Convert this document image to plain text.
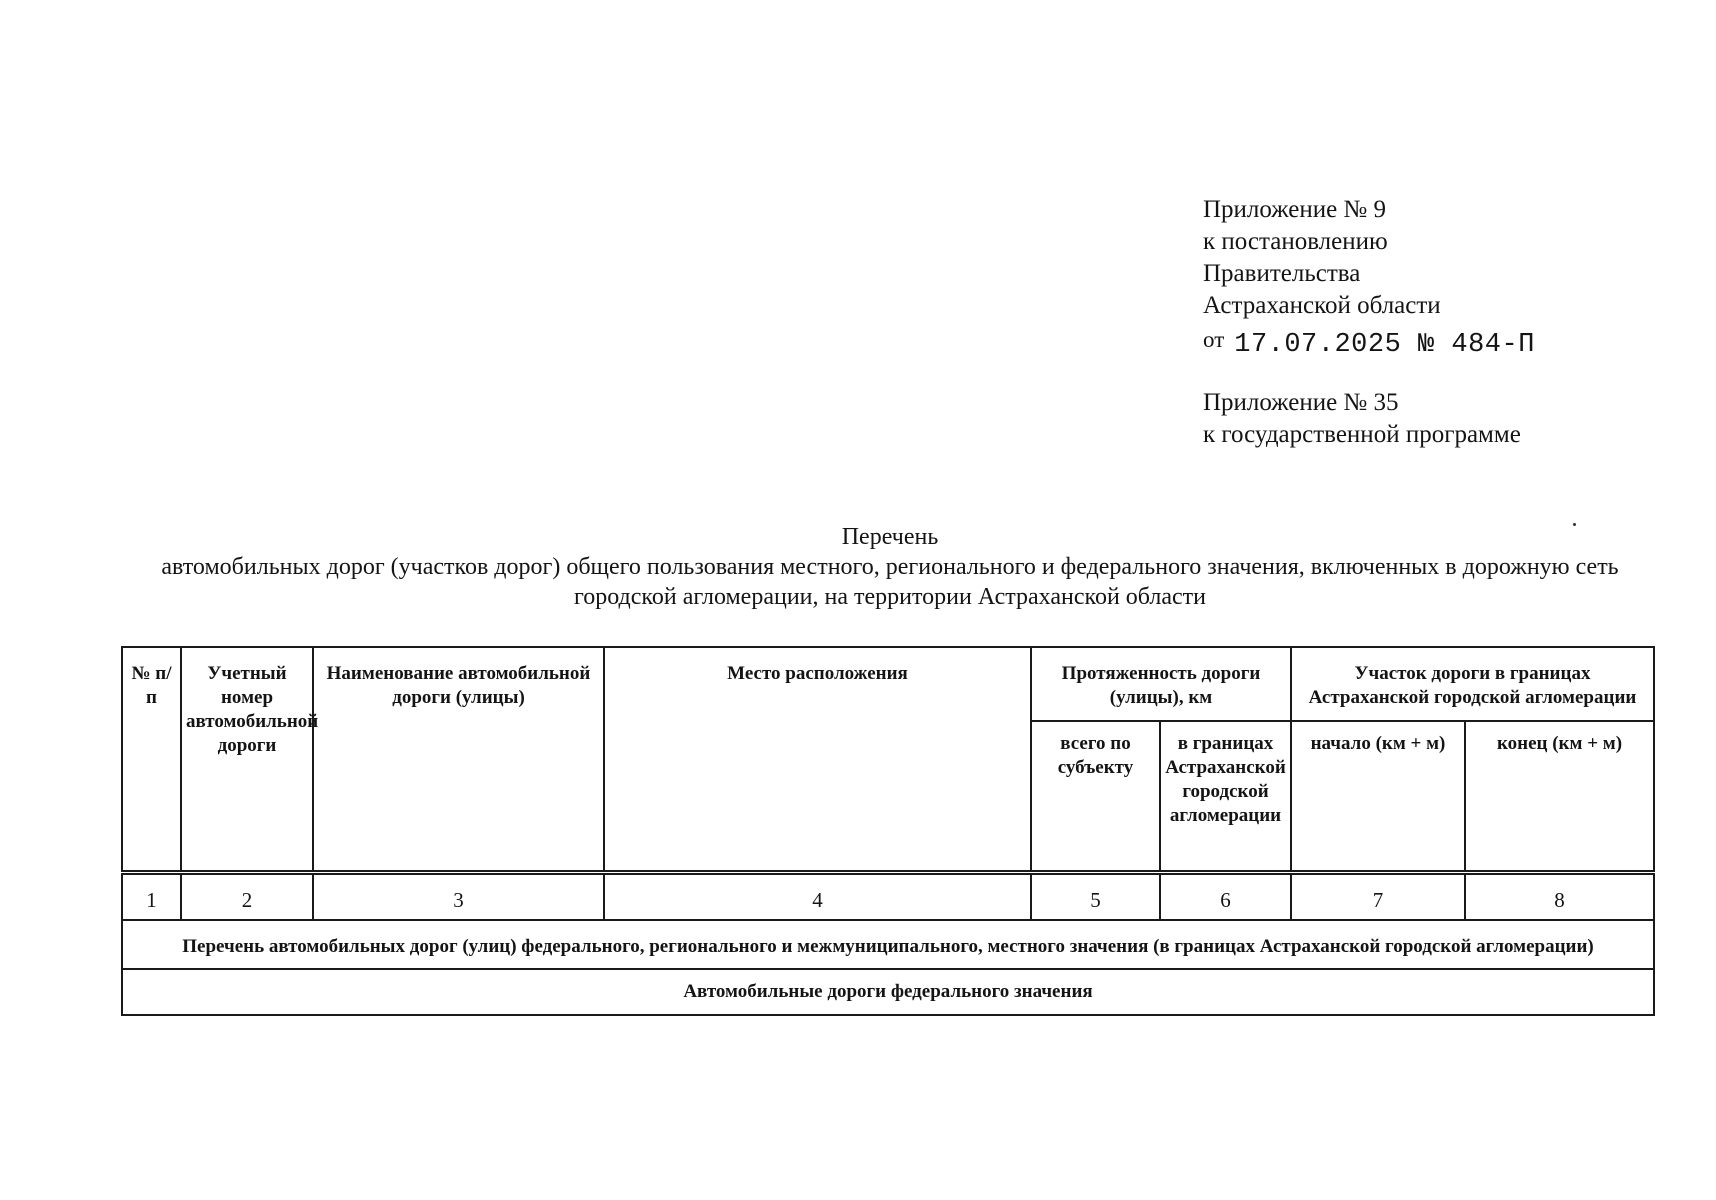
Приложение № 9
к постановлению
Правительства
Астраханской области
от 17.07.2025 № 484-П
Приложение № 35
к государственной программе
Перечень
автомобильных дорог (участков дорог) общего пользования местного, регионального и федерального значения, включенных в дорожную сеть городской агломерации, на территории Астраханской области
№ п/п	Учетный номер автомобильной дороги	Наименование автомобильной дороги (улицы)	Место расположения	Протяженность дороги (улицы), км		Участок дороги в границах Астраханской городской агломерации	
				всего по субъекту	в границах Астраханской городской агломерации	начало (км + м)	конец (км + м)
1	2	3	4	5	6	7	8
Перечень автомобильных дорог (улиц) федерального, регионального и межмуниципального, местного значения (в границах Астраханской городской агломерации)							
Автомобильные дороги федерального значения							
